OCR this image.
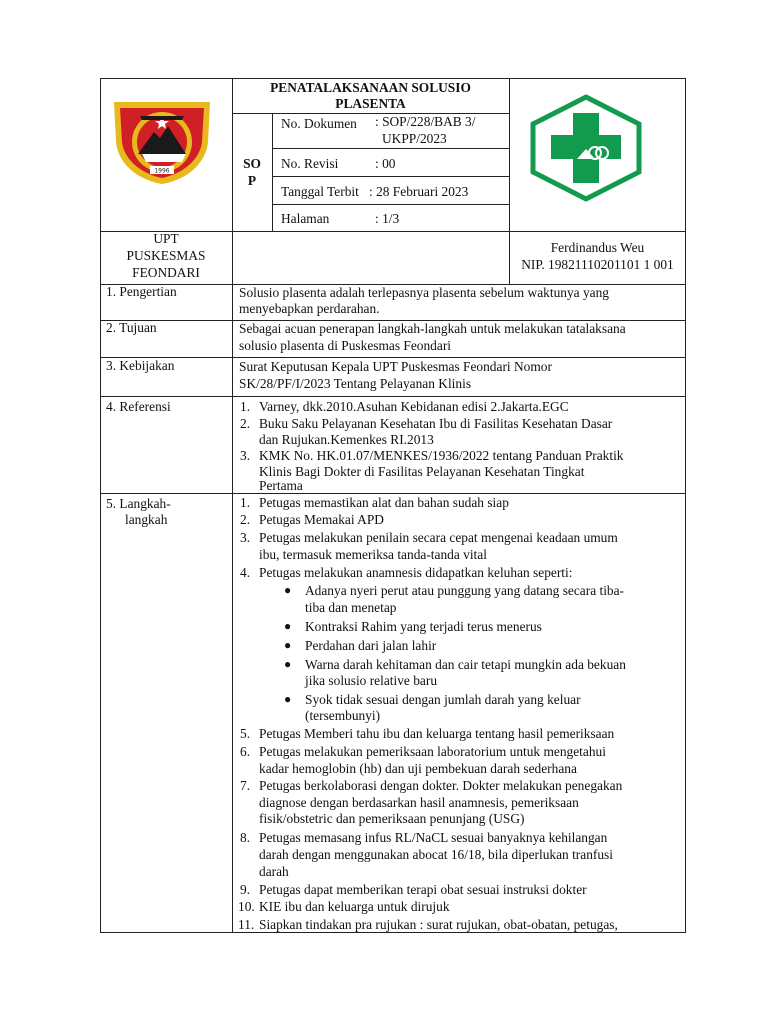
1996
PENATALAKSANAAN SOLUSIO
PLASENTA
SO
P
No. Dokumen : SOP/228/BAB 3/
UKPP/2023
No. Revisi	: 00
Tanggal Terbit : 28 Februari 2023
Halaman	: 1/3
UPT
PUSKESMAS
FEONDARI
Ferdinandus Weu
NIP. 19821110201101 1 001
1. Pengertian
2. Tujuan
3. Kebijakan
4. Referensi
5. Langkah-
langkah
Solusio plasenta adalah terlepasnya plasenta sebelum waktunya yang
menyebapkan perdarahan.
Sebagai acuan penerapan langkah-langkah untuk melakukan tatalaksana
solusio plasenta di Puskesmas Feondari
Surat Keputusan Kepala UPT Puskesmas Feondari Nomor
SK/28/PF/I/2023 Tentang Pelayanan Klinis
1. Varney, dkk.2010.Asuhan Kebidanan edisi 2.Jakarta.EGC
2. Buku Saku Pelayanan Kesehatan Ibu di Fasilitas Kesehatan Dasar
dan Rujukan.Kemenkes RI.2013
3. KMK No. HK.01.07/MENKES/1936/2022 tentang Panduan Praktik
Klinis Bagi Dokter di Fasilitas Pelayanan Kesehatan Tingkat
Pertama
1. Petugas memastikan alat dan bahan sudah siap
2. Petugas Memakai APD
3. Petugas melakukan penilain secara cepat mengenai keadaan umum
ibu, termasuk memeriksa tanda-tanda vital
4. Petugas melakukan anamnesis didapatkan keluhan seperti:
● Adanya nyeri perut atau punggung yang datang secara tiba-
tiba dan menetap
● Kontraksi Rahim yang terjadi terus menerus
● Perdahan dari jalan lahir
● Warna darah kehitaman dan cair tetapi mungkin ada bekuan
jika solusio relative baru
● Syok tidak sesuai dengan jumlah darah yang keluar
(tersembunyi)
5. Petugas Memberi tahu ibu dan keluarga tentang hasil pemeriksaan
6. Petugas melakukan pemeriksaan laboratorium untuk mengetahui
kadar hemoglobin (hb) dan uji pembekuan darah sederhana
7. Petugas berkolaborasi dengan dokter. Dokter melakukan penegakan
diagnose dengan berdasarkan hasil anamnesis, pemeriksaan
fisik/obstetric dan pemeriksaan penunjang (USG)
8. Petugas memasang infus RL/NaCL sesuai banyaknya kehilangan
darah dengan menggunakan abocat 16/18, bila diperlukan tranfusi
darah
9. Petugas dapat memberikan terapi obat sesuai instruksi dokter
10. KIE ibu dan keluarga untuk dirujuk
11. Siapkan tindakan pra rujukan : surat rujukan, obat-obatan, petugas,
